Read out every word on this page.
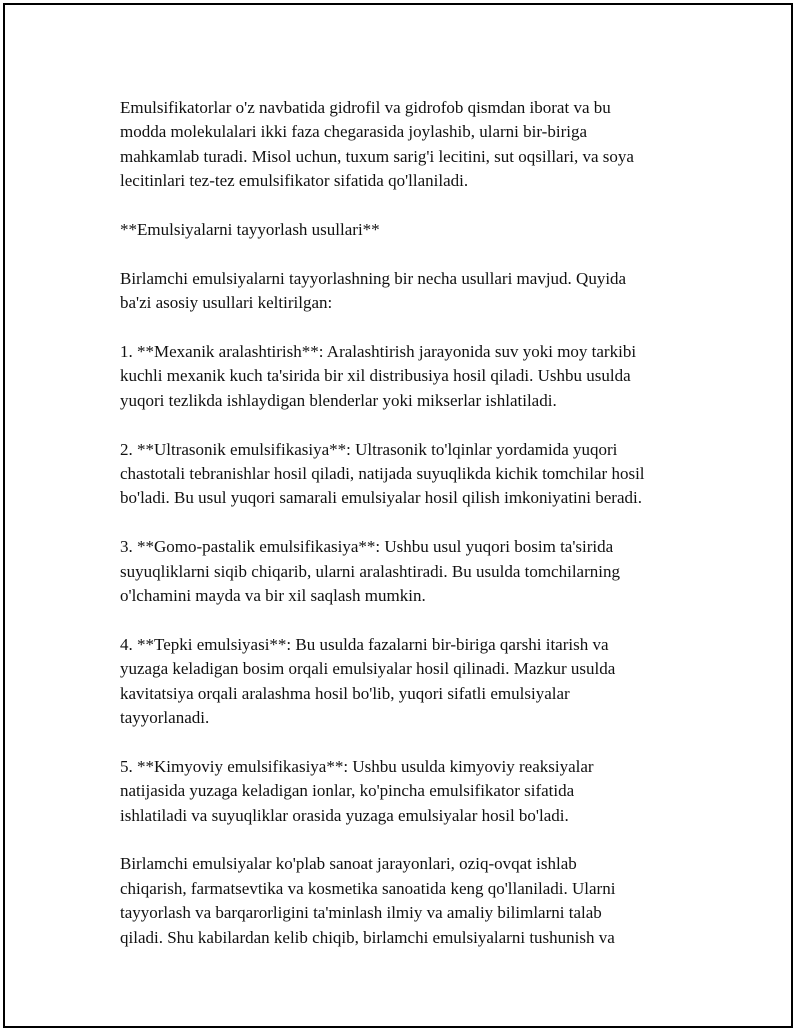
Emulsifikatorlar o'z navbatida gidrofil va gidrofob qismdan iborat va bu
modda molekulalari ikki faza chegarasida joylashib, ularni bir-biriga
mahkamlab turadi. Misol uchun, tuxum sarig'i lecitini, sut oqsillari, va soya
lecitinlari tez-tez emulsifikator sifatida qo'llaniladi.

**Emulsiyalarni tayyorlash usullari**

Birlamchi emulsiyalarni tayyorlashning bir necha usullari mavjud. Quyida
ba'zi asosiy usullari keltirilgan:

1. **Mexanik aralashtirish**: Aralashtirish jarayonida suv yoki moy tarkibi
kuchli mexanik kuch ta'sirida bir xil distribusiya hosil qiladi. Ushbu usulda
yuqori tezlikda ishlaydigan blenderlar yoki mikserlar ishlatiladi.

2. **Ultrasonik emulsifikasiya**: Ultrasonik to'lqinlar yordamida yuqori
chastotali tebranishlar hosil qiladi, natijada suyuqlikda kichik tomchilar hosil
bo'ladi. Bu usul yuqori samarali emulsiyalar hosil qilish imkoniyatini beradi.

3. **Gomo-pastalik emulsifikasiya**: Ushbu usul yuqori bosim ta'sirida
suyuqliklarni siqib chiqarib, ularni aralashtiradi. Bu usulda tomchilarning
o'lchamini mayda va bir xil saqlash mumkin.

4. **Tepki emulsiyasi**: Bu usulda fazalarni bir-biriga qarshi itarish va
yuzaga keladigan bosim orqali emulsiyalar hosil qilinadi. Mazkur usulda
kavitatsiya orqali aralashma hosil bo'lib, yuqori sifatli emulsiyalar
tayyorlanadi.

5. **Kimyoviy emulsifikasiya**: Ushbu usulda kimyoviy reaksiyalar
natijasida yuzaga keladigan ionlar, ko'pincha emulsifikator sifatida
ishlatiladi va suyuqliklar orasida yuzaga emulsiyalar hosil bo'ladi.

Birlamchi emulsiyalar ko'plab sanoat jarayonlari, oziq-ovqat ishlab
chiqarish, farmatsevtika va kosmetika sanoatida keng qo'llaniladi. Ularni
tayyorlash va barqarorligini ta'minlash ilmiy va amaliy bilimlarni talab
qiladi. Shu kabilardan kelib chiqib, birlamchi emulsiyalarni tushunish va
